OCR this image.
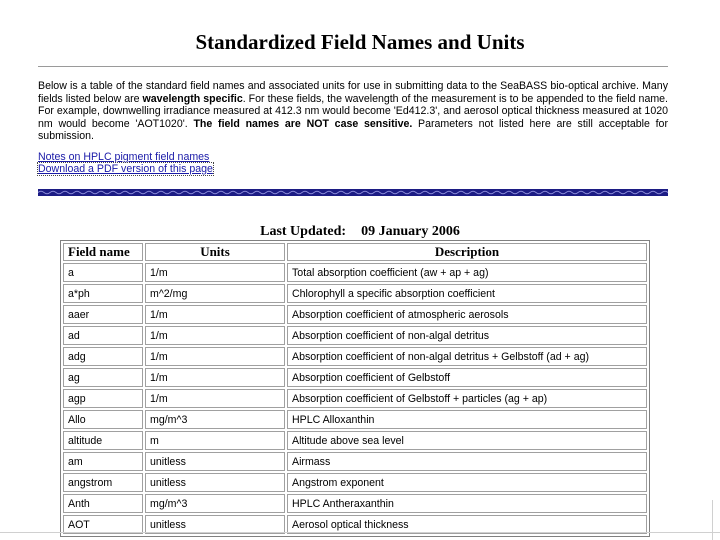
Standardized Field Names and Units
Below is a table of the standard field names and associated units for use in submitting data to the SeaBASS bio-optical archive. Many fields listed below are wavelength specific. For these fields, the wavelength of the measurement is to be appended to the field name. For example, downwelling irradiance measured at 412.3 nm would become 'Ed412.3', and aerosol optical thickness measured at 1020 nm would become 'AOT1020'. The field names are NOT case sensitive. Parameters not listed here are still acceptable for submission.
Notes on HPLC pigment field names
Download a PDF version of this page
Last Updated: 09 January 2006
Field name	Units	Description
a	1/m	Total absorption coefficient (aw + ap + ag)
a*ph	m^2/mg	Chlorophyll a specific absorption coefficient
aaer	1/m	Absorption coefficient of atmospheric aerosols
ad	1/m	Absorption coefficient of non-algal detritus
adg	1/m	Absorption coefficient of non-algal detritus + Gelbstoff (ad + ag)
ag	1/m	Absorption coefficient of Gelbstoff
agp	1/m	Absorption coefficient of Gelbstoff + particles (ag + ap)
Allo	mg/m^3	HPLC Alloxanthin
altitude	m	Altitude above sea level
am	unitless	Airmass
angstrom	unitless	Angstrom exponent
Anth	mg/m^3	HPLC Antheraxanthin
AOT	unitless	Aerosol optical thickness
